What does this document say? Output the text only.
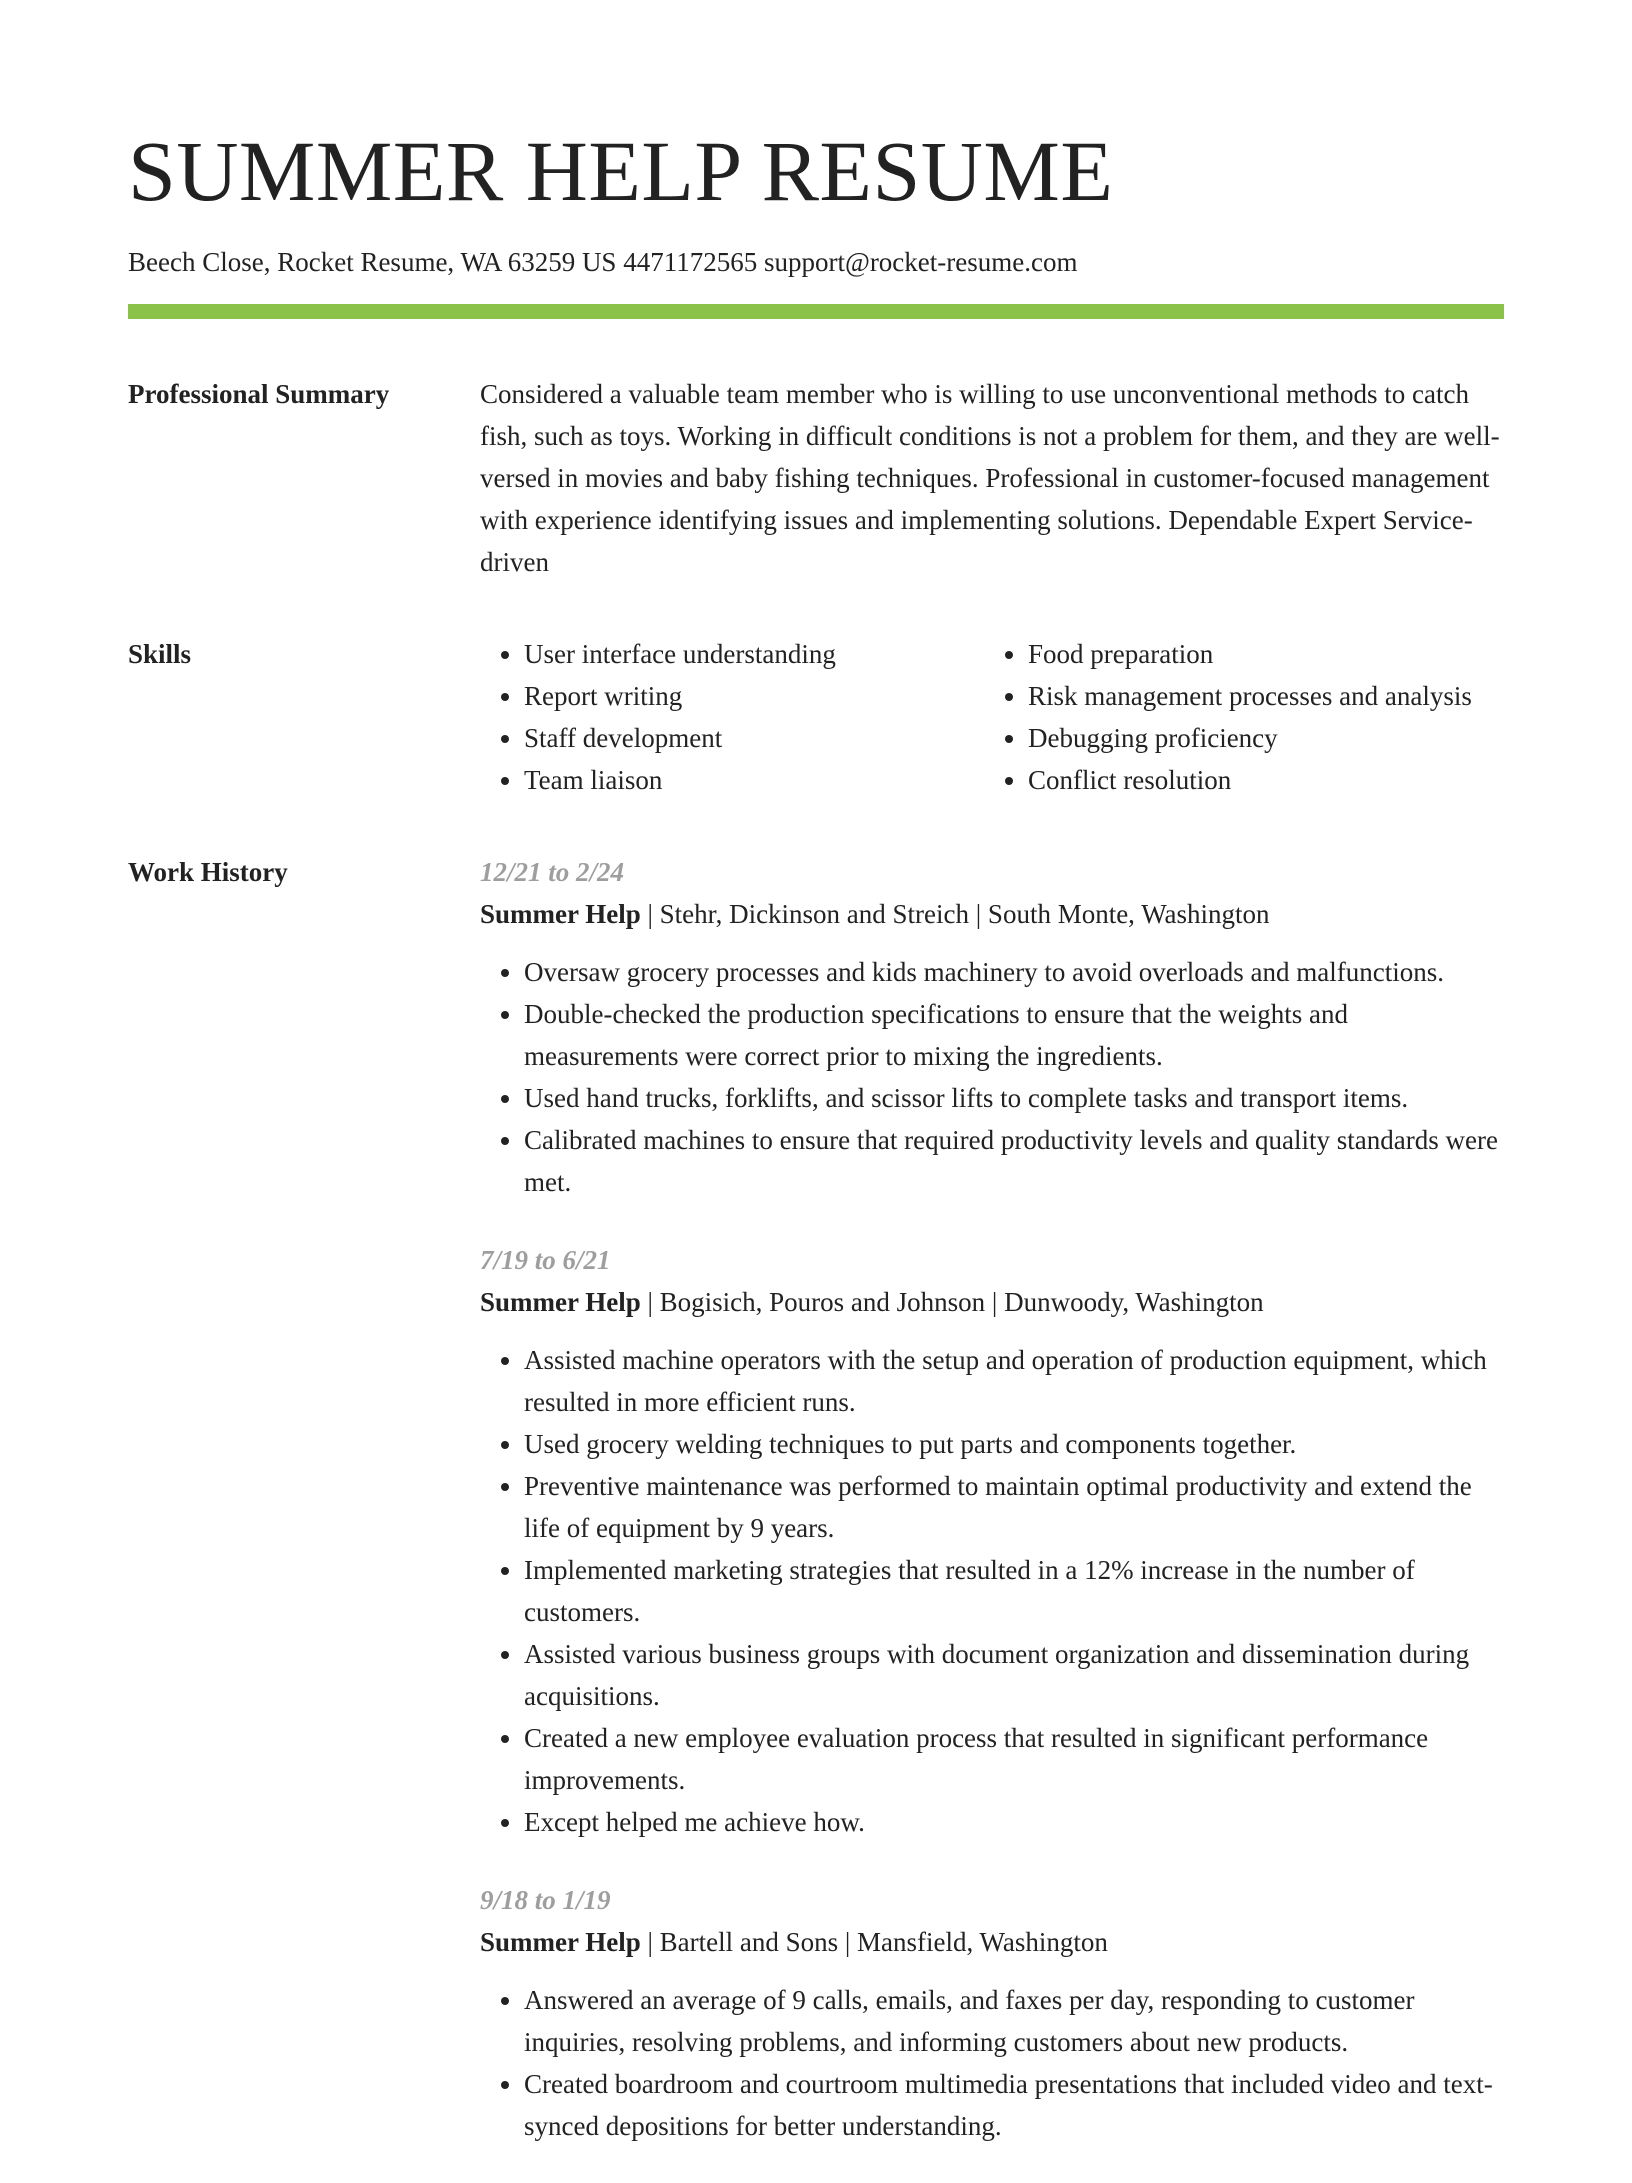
SUMMER HELP RESUME
Beech Close, Rocket Resume, WA 63259 US 4471172565 support@rocket-resume.com
Professional Summary	Considered a valuable team member who is willing to use unconventional methods to catch fish, such as toys. Working in difficult conditions is not a problem for them, and they are well-versed in movies and baby fishing techniques. Professional in customer-focused management with experience identifying issues and implementing solutions. Dependable Expert Service-driven

Skills
•	User interface understanding
• Report writing
• Staff development
• Team liaison
• Food preparation
• Risk management processes and analysis
• Debugging proficiency
• Conflict resolution
Work History	12/21 to 2/24
Summer Help | Stehr, Dickinson and Streich | South Monte, Washington
• Oversaw grocery processes and kids machinery to avoid overloads and malfunctions.
• Double-checked the production specifications to ensure that the weights and measurements were correct prior to mixing the ingredients.
• Used hand trucks, forklifts, and scissor lifts to complete tasks and transport items.
• Calibrated machines to ensure that required productivity levels and quality standards were met.
7/19 to 6/21
Summer Help | Bogisich, Pouros and Johnson | Dunwoody, Washington
• Assisted machine operators with the setup and operation of production equipment, which resulted in more efficient runs.
• Used grocery welding techniques to put parts and components together.
• Preventive maintenance was performed to maintain optimal productivity and extend the life of equipment by 9 years.
• Implemented marketing strategies that resulted in a 12% increase in the number of customers.
• Assisted various business groups with document organization and dissemination during acquisitions.
• Created a new employee evaluation process that resulted in significant performance improvements.
• Except helped me achieve how.
9/18 to 1/19
Summer Help | Bartell and Sons | Mansfield, Washington
• Answered an average of 9 calls, emails, and faxes per day, responding to customer inquiries, resolving problems, and informing customers about new products.
• Created boardroom and courtroom multimedia presentations that included video and text-synced depositions for better understanding.
